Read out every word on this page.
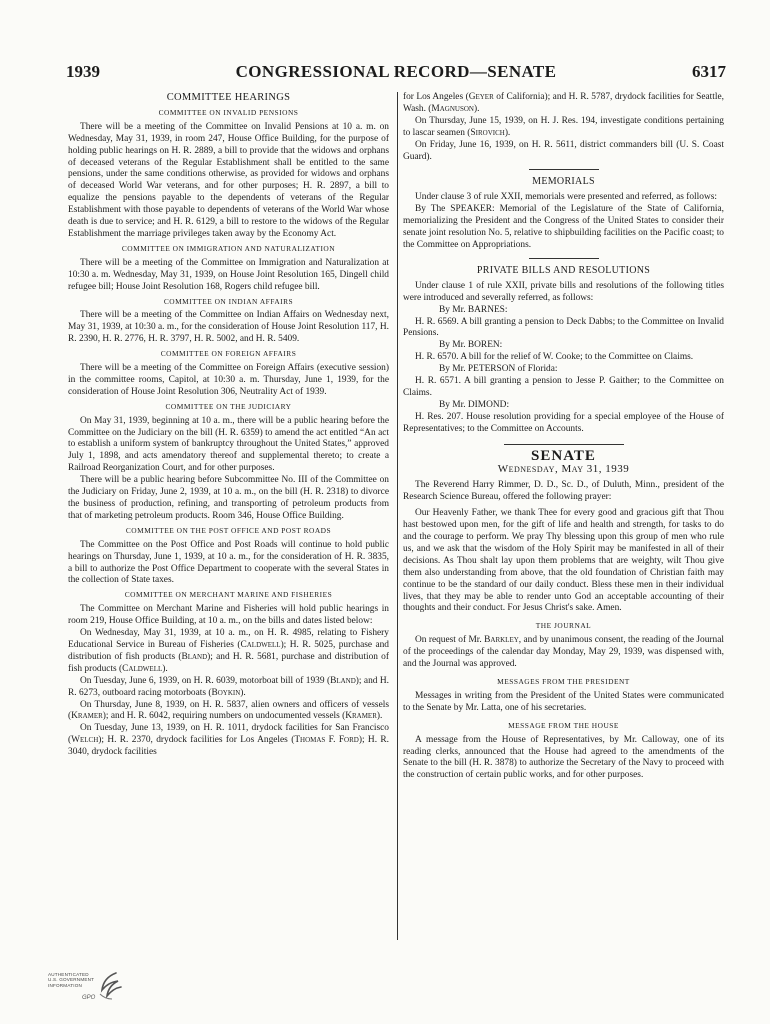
1939	CONGRESSIONAL RECORD—SENATE	6317
COMMITTEE HEARINGS
COMMITTEE ON INVALID PENSIONS

There will be a meeting of the Committee on Invalid Pensions at 10 a. m. on Wednesday, May 31, 1939, in room 247, House Office Building, for the purpose of holding public hearings on H. R. 2889, a bill to provide that the widows and orphans of deceased veterans of the Regular Establishment shall be entitled to the same pensions, under the same conditions otherwise, as provided for widows and orphans of deceased World War veterans, and for other purposes; H. R. 2897, a bill to equalize the pensions payable to the dependents of veterans of the Regular Establishment with those payable to dependents of veterans of the World War whose death is due to service; and H. R. 6129, a bill to restore to the widows of the Regular Establishment the marriage privileges taken away by the Economy Act.

COMMITTEE ON IMMIGRATION AND NATURALIZATION

There will be a meeting of the Committee on Immigration and Naturalization at 10:30 a. m. Wednesday, May 31, 1939, on House Joint Resolution 165, Dingell child refugee bill; House Joint Resolution 168, Rogers child refugee bill.

COMMITTEE ON INDIAN AFFAIRS

There will be a meeting of the Committee on Indian Affairs on Wednesday next, May 31, 1939, at 10:30 a. m., for the consideration of House Joint Resolution 117, H. R. 2390, H. R. 2776, H. R. 3797, H. R. 5002, and H. R. 5409.

COMMITTEE ON FOREIGN AFFAIRS

There will be a meeting of the Committee on Foreign Affairs (executive session) in the committee rooms, Capitol, at 10:30 a. m. Thursday, June 1, 1939, for the consideration of House Joint Resolution 306, Neutrality Act of 1939.

COMMITTEE ON THE JUDICIARY

On May 31, 1939, beginning at 10 a. m., there will be a public hearing before the Committee on the Judiciary on the bill (H. R. 6359) to amend the act entitled “An act to establish a uniform system of bankruptcy throughout the United States,” approved July 1, 1898, and acts amendatory thereof and supplemental thereto; to create a Railroad Reorganization Court, and for other purposes.

There will be a public hearing before Subcommittee No. III of the Committee on the Judiciary on Friday, June 2, 1939, at 10 a. m., on the bill (H. R. 2318) to divorce the business of production, refining, and transporting of petroleum products from that of marketing petroleum products. Room 346, House Office Building.

COMMITTEE ON THE POST OFFICE AND POST ROADS

The Committee on the Post Office and Post Roads will continue to hold public hearings on Thursday, June 1, 1939, at 10 a. m., for the consideration of H. R. 3835, a bill to authorize the Post Office Department to cooperate with the several States in the collection of State taxes.

COMMITTEE ON MERCHANT MARINE AND FISHERIES

The Committee on Merchant Marine and Fisheries will hold public hearings in room 219, House Office Building, at 10 a. m., on the bills and dates listed below:

On Wednesday, May 31, 1939, at 10 a. m., on H. R. 4985, relating to Fishery Educational Service in Bureau of Fisheries (Caldwell); H. R. 5025, purchase and distribution of fish products (Bland); and H. R. 5681, purchase and distribution of fish products (Caldwell).

On Tuesday, June 6, 1939, on H. R. 6039, motorboat bill of 1939 (Bland); and H. R. 6273, outboard racing motorboats (Boykin).

On Thursday, June 8, 1939, on H. R. 5837, alien owners and officers of vessels (Kramer); and H. R. 6042, requiring numbers on undocumented vessels (Kramer).

On Tuesday, June 13, 1939, on H. R. 1011, drydock facilities for San Francisco (Welch); H. R. 2370, drydock facilities for Los Angeles (Thomas F. Ford); H. R. 3040, drydock facilities

for Los Angeles (Geyer of California); and H. R. 5787, drydock facilities for Seattle, Wash. (Magnuson).

On Thursday, June 15, 1939, on H. J. Res. 194, investigate conditions pertaining to lascar seamen (Sirovich).

On Friday, June 16, 1939, on H. R. 5611, district commanders bill (U. S. Coast Guard).

MEMORIALS

Under clause 3 of rule XXII, memorials were presented and referred, as follows:

By The SPEAKER: Memorial of the Legislature of the State of California, memorializing the President and the Congress of the United States to consider their senate joint resolution No. 5, relative to shipbuilding facilities on the Pacific coast; to the Committee on Appropriations.

PRIVATE BILLS AND RESOLUTIONS

Under clause 1 of rule XXII, private bills and resolutions of the following titles were introduced and severally referred, as follows:

By Mr. BARNES:

H. R. 6569. A bill granting a pension to Deck Dabbs; to the Committee on Invalid Pensions.

By Mr. BOREN:

H. R. 6570. A bill for the relief of W. Cooke; to the Committee on Claims.

By Mr. PETERSON of Florida:

H. R. 6571. A bill granting a pension to Jesse P. Gaither; to the Committee on Claims.

By Mr. DIMOND:

H. Res. 207. House resolution providing for a special employee of the House of Representatives; to the Committee on Accounts.

SENATE
Wednesday, May 31, 1939

The Reverend Harry Rimmer, D. D., Sc. D., of Duluth, Minn., president of the Research Science Bureau, offered the following prayer:

Our Heavenly Father, we thank Thee for every good and gracious gift that Thou hast bestowed upon men, for the gift of life and health and strength, for tasks to do and the courage to perform. We pray Thy blessing upon this group of men who rule us, and we ask that the wisdom of the Holy Spirit may be manifested in all of their decisions. As Thou shalt lay upon them problems that are weighty, wilt Thou give them also understanding from above, that the old foundation of Christian faith may continue to be the standard of our daily conduct. Bless these men in their individual lives, that they may be able to render unto God an acceptable accounting of their thoughts and their conduct. For Jesus Christ's sake. Amen.

THE JOURNAL

On request of Mr. Barkley, and by unanimous consent, the reading of the Journal of the proceedings of the calendar day Monday, May 29, 1939, was dispensed with, and the Journal was approved.

MESSAGES FROM THE PRESIDENT

Messages in writing from the President of the United States were communicated to the Senate by Mr. Latta, one of his secretaries.

MESSAGE FROM THE HOUSE

A message from the House of Representatives, by Mr. Calloway, one of its reading clerks, announced that the House had agreed to the amendments of the Senate to the bill (H. R. 3878) to authorize the Secretary of the Navy to proceed with the construction of certain public works, and for other purposes.

AUTHENTICATED
U.S. GOVERNMENT
INFORMATION
GPO
